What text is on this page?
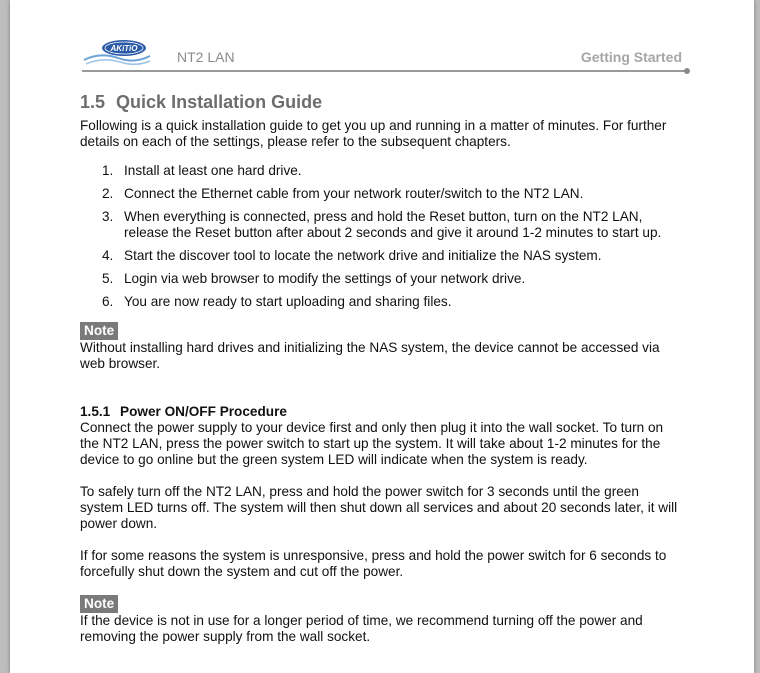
AKiTiO
NT2 LAN	Getting Started
1.5 Quick Installation Guide

Following is a quick installation guide to get you up and running in a matter of minutes. For further details on each of the settings, please refer to the subsequent chapters.

1. Install at least one hard drive.
2. Connect the Ethernet cable from your network router/switch to the NT2 LAN.
3. When everything is connected, press and hold the Reset button, turn on the NT2 LAN, release the Reset button after about 2 seconds and give it around 1-2 minutes to start up.
4. Start the discover tool to locate the network drive and initialize the NAS system.
5. Login via web browser to modify the settings of your network drive.
6. You are now ready to start uploading and sharing files.
Note

Without installing hard drives and initializing the NAS system, the device cannot be accessed via web browser.

1.5.1 Power ON/OFF Procedure

Connect the power supply to your device first and only then plug it into the wall socket. To turn on the NT2 LAN, press the power switch to start up the system. It will take about 1-2 minutes for the device to go online but the green system LED will indicate when the system is ready.

To safely turn off the NT2 LAN, press and hold the power switch for 3 seconds until the green system LED turns off. The system will then shut down all services and about 20 seconds later, it will power down.

If for some reasons the system is unresponsive, press and hold the power switch for 6 seconds to forcefully shut down the system and cut off the power.

Note

If the device is not in use for a longer period of time, we recommend turning off the power and removing the power supply from the wall socket.
